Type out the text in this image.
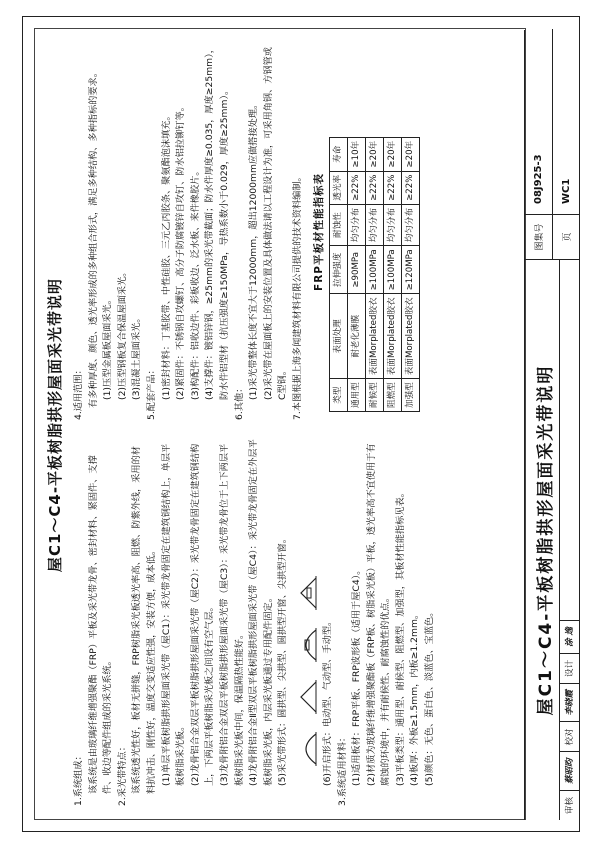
屋C1～C4-平板树脂拱形屋面采光带说明

1.系统组成： 该系统是由玻璃纤维增强聚酯（FRP）平板及采光带龙骨、密封材料、紧固件、支撑件、收边等配件组成的采光系统。 2.采光带特点： 该系统透光性好，板材无拼缝，FRP树脂采光板透光率高、阻燃、防紫外线，采用的材料抗冲击、刚性好，温度交变适应性强，安装方便，成本低。 (1)单层平板树脂拱形屋面采光带（屋C1）：采光带龙骨固定在建筑钢结构上，单层平板树脂采光板。 (2)龙骨铝合金双层平板树脂拱形屋面采光带（屋C2）：采光带龙骨固定在建筑钢结构上，下两层平板树脂采光板之间设有空气层。 (3)龙骨附铝合金双层平板树脂拱形屋面采光带（屋C3）：采光带龙骨位于上下两层平板树脂采光板中间，保温隔热性能好。 (4)龙骨附铝合金Ⅱ型双层平板树脂拱形屋面采光带（屋C4）：采光带龙骨固定在外层平板树脂采光板，内层采光板通过专用配件固定。 (5)采光带形式：圆拱型、尖拱型、圆拱型开窗、尖拱型开窗。	(6)开启形式：电动型、气动型、手动型。 3.系统适用材料： (1)适用板材：FRP平板、FRP波形板（适用于屋C4）。 (2)材质为玻璃纤维增强聚酯板（FRP板、树脂采光板）平板，透光率高不宜使用于有腐蚀的环境中，并有耐候性、耐腐蚀性的优点。 (3)平板类型：通用型、耐候型、阻燃型、加强型，其板材性能指标见表。 (4)板厚：外板≥1.5mm，内板≥1.2mm。 (5)颜色：无色、蛋白色、淡蓝色、宝蓝色。

4.适用范围： 有多种厚度、颜色、透光率形成的多种组合形式，满足多种结构、多种指标的要求。 (1)压型金属板屋面采光。 (2)压型钢板复合保温屋面采光。 (3)混凝土屋面采光。 5.配套产品： (1)密封材料：丁基胶带、中性硅胶、三元乙丙胶条、聚氨酯泡沫填充。 (2)紧固件：不锈钢自攻螺钉、高分子防腐镀锌自攻钉、防水铝拉铆钉等。 (3)构配件：铝收边件、彩板收边、泛水板、来件橡胶片。 (4)支撑件：镀铝锌钢，≥25mm的采光带截面；防水件厚度≥0.035，厚度≥25mm），防水件铝型材（抗压强度≥150MPa，导热系数小于0.029，厚度≥25mm）。

6.其他：

(1)采光带整体长度不宜大于12000mm，超出12000mm应做搭接处理。 (2)采光带在屋面板上的安装位置及具体做法请以工程设计为准，可采用角钢、方钢管或C型钢。 7.本图根据上海多闻建筑材料有限公司提供的技术资料编制。 FRP平板材性能指标表
类型	表面处理	拉伸强度	耐蚀性	透光率	寿命
通用型	耐老化薄膜	≥90MPa	均匀分布	≥22%	≥10年
耐候型	表面Morplated胶衣	≥100MPa	均匀分布	≥22%	≥20年
阻燃型	表面Morplated胶衣	≥100MPa	均匀分布	≥22%	≥20年
加强型	表面Morplated胶衣	≥120MPa	均匀分布	≥22%	≥20年
屋C1～C4-平板树脂拱形屋面采光带说明
审核
蔡昭昀
校对
李晓霞
设计
涂 逸
图集号
08J925-3
页
WC1
